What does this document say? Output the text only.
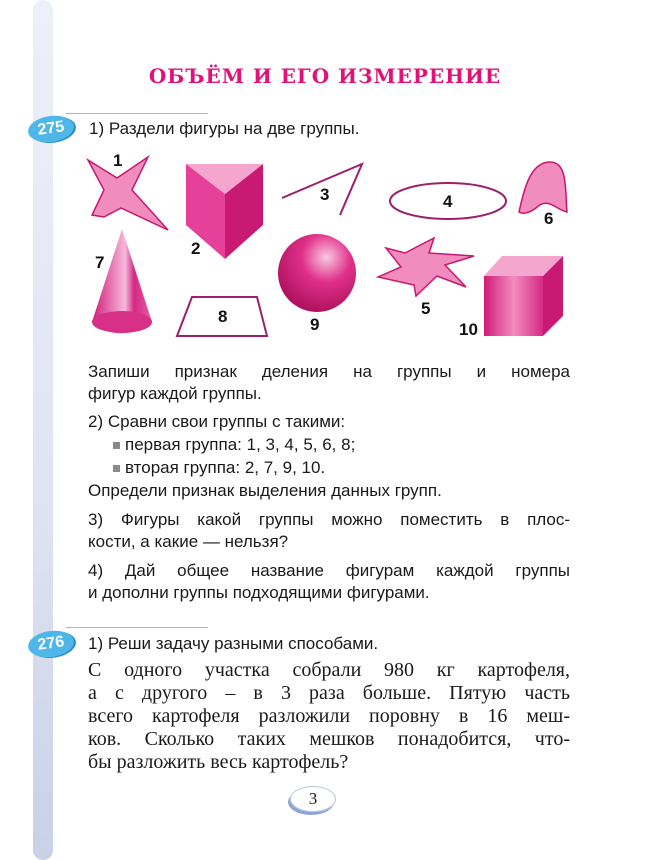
ОБЪЁМ И ЕГО ИЗМЕРЕНИЕ
275	1) Раздели фигуры на две группы.
1
2
3	4
5
6
7
8	9	10
Запиши признак деления на группы и номера
фигур каждой группы.
2) Сравни свои группы с такими:
первая группа: 1, 3, 4, 5, 6, 8;
вторая группа: 2, 7, 9, 10.
Определи признак выделения данных групп.
3) Фигуры какой группы можно поместить в плос-
кости, а какие — нельзя?
4) Дай общее название фигурам каждой группы
и дополни группы подходящими фигурами.
276	1) Реши задачу разными способами.
С одного участка собрали 980 кг картофеля,
а с другого – в 3 раза больше. Пятую часть
всего картофеля разложили поровну в 16 меш-
ков. Сколько таких мешков понадобится, что-
бы разложить весь картофель?
3
